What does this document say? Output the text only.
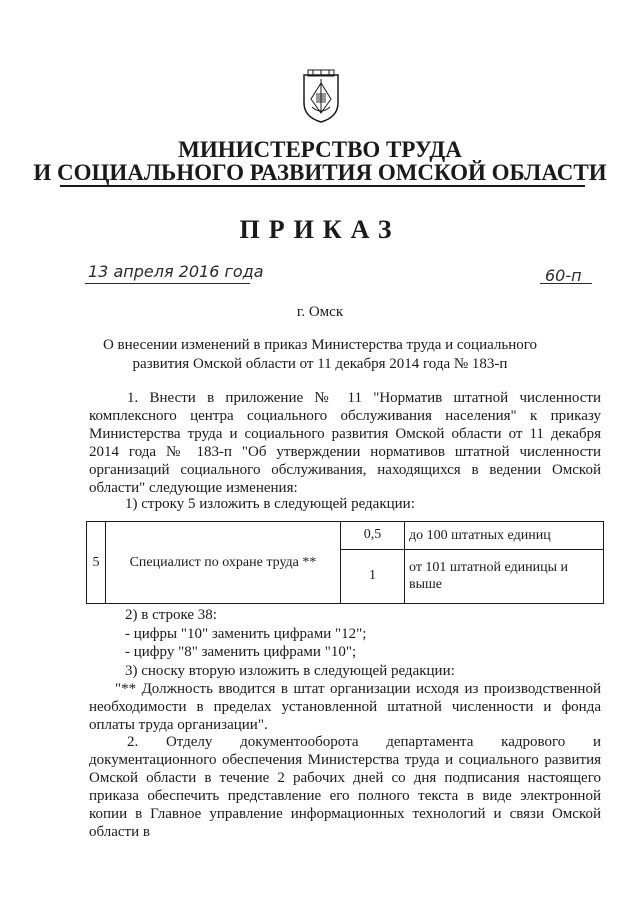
МИНИСТЕРСТВО ТРУДА
И СОЦИАЛЬНОГО РАЗВИТИЯ ОМСКОЙ ОБЛАСТИ
ПРИКАЗ
13 апреля 2016 года	60-п
г. Омск
О внесении изменений в приказ Министерства труда и социального развития Омской области от 11 декабря 2014 года № 183-п

1. Внести в приложение № 11 "Норматив штатной численности комплексного центра социального обслуживания населения" к приказу Министерства труда и социального развития Омской области от 11 декабря 2014 года № 183-п "Об утверждении нормативов штатной численности организаций социального обслуживания, находящихся в ведении Омской области" следующие изменения:

1) строку 5 изложить в следующей редакции:
5	Специалист по охране труда **	0,5	до 100 штатных единиц
		1	от 101 штатной единицы и выше
2) в строке 38:
- цифры "10" заменить цифрами "12";
- цифру "8" заменить цифрами "10";
3) сноску вторую изложить в следующей редакции:

"** Должность вводится в штат организации исходя из производственной необходимости в пределах установленной штатной численности и фонда оплаты труда организации".

2. Отделу документооборота департамента кадрового и документационного обеспечения Министерства труда и социального развития Омской области в течение 2 рабочих дней со дня подписания настоящего приказа обеспечить представление его полного текста в виде электронной копии в Главное управление информационных технологий и связи Омской области в
